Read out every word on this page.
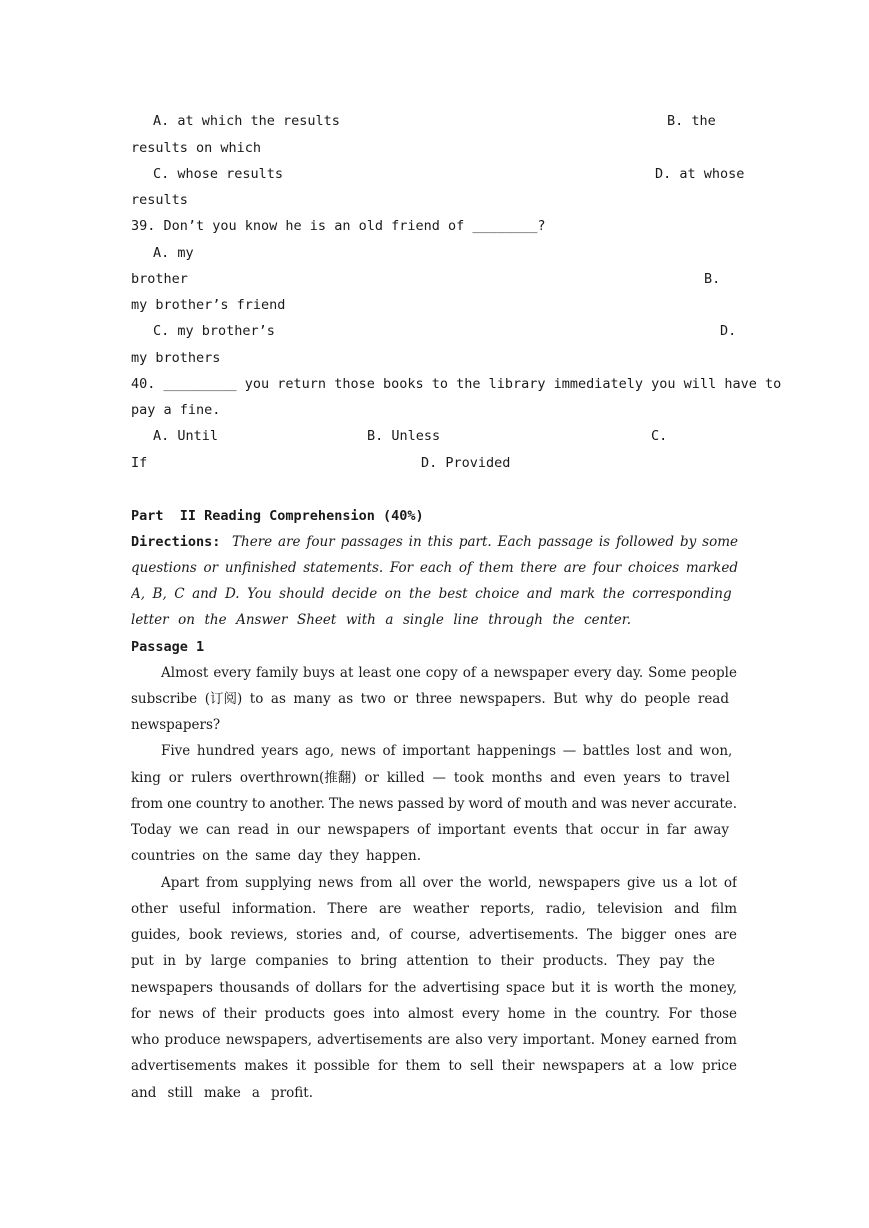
A. at which the results	B. the
results on which
C. whose results	D. at whose
results
39. Don’t you know he is an old friend of ________?
A. my
brother	B.
my brother’s friend
C. my brother’s	D.
my brothers
40. _________ you return those books to the library immediately you will have to
pay a fine.
A. Until	B. Unless	C.
If	D. Provided
Part  II Reading Comprehension (40%)
Directions: There are four passages in this part. Each passage is followed by some
questions or unfinished statements. For each of them there are four choices marked
A, B, C and D. You should decide on the best choice and mark the corresponding
letter on the Answer Sheet with a single line through the center.
Passage 1
Almost every family buys at least one copy of a newspaper every day. Some people
subscribe (订阅) to as many as two or three newspapers. But why do people read
newspapers?
Five hundred years ago, news of important happenings — battles lost and won,
king or rulers overthrown(推翻) or killed — took months and even years to travel
from one country to another. The news passed by word of mouth and was never accurate.
Today we can read in our newspapers of important events that occur in far away
countries on the same day they happen.
Apart from supplying news from all over the world, newspapers give us a lot of
other useful information. There are weather reports, radio, television and film
guides, book reviews, stories and, of course, advertisements. The bigger ones are
put in by large companies to bring attention to their products. They pay the
newspapers thousands of dollars for the advertising space but it is worth the money,
for news of their products goes into almost every home in the country. For those
who produce newspapers, advertisements are also very important. Money earned from
advertisements makes it possible for them to sell their newspapers at a low price
and still make a profit.
